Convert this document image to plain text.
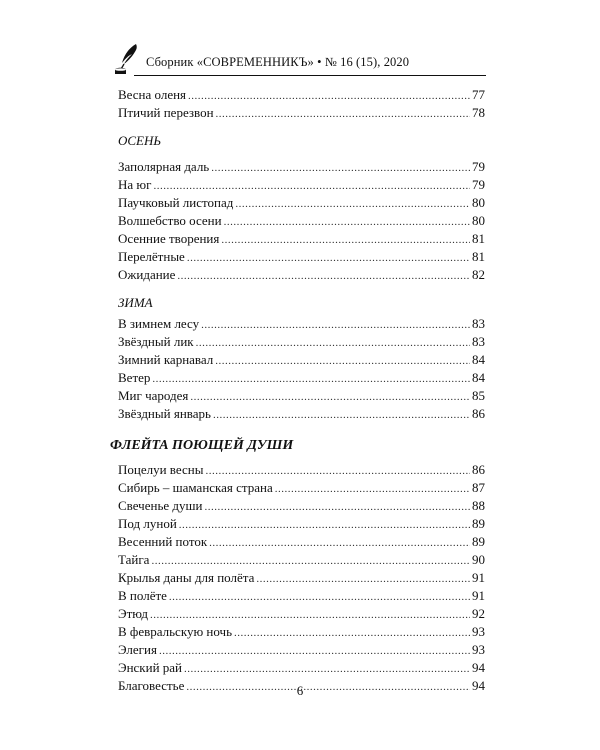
Сборник «СОВРЕМЕННИКЪ» • № 16 (15), 2020
Весна оленя .....	77
Птичий перезвон .....	78
ОСЕНЬ
Заполярная даль .....	79
На юг .....	79
Паучковый листопад .....	80
Волшебство осени .....	80
Осенние творения .....	81
Перелётные .....	81
Ожидание .....	82
ЗИМА
В зимнем лесу .....	83
Звёздный лик .....	83
Зимний карнавал .....	84
Ветер .....	84
Миг чародея .....	85
Звёздный январь .....	86
ФЛЕЙТА ПОЮЩЕЙ ДУШИ
Поцелуи весны .....	86
Сибирь – шаманская страна .....	87
Свеченье души .....	88
Под луной .....	89
Весенний поток .....	89
Тайга .....	90
Крылья даны для полёта .....	91
В полёте .....	91
Этюд .....	92
В февральскую ночь .....	93
Элегия .....	93
Энский рай .....	94
Благовестье .....	94
6
